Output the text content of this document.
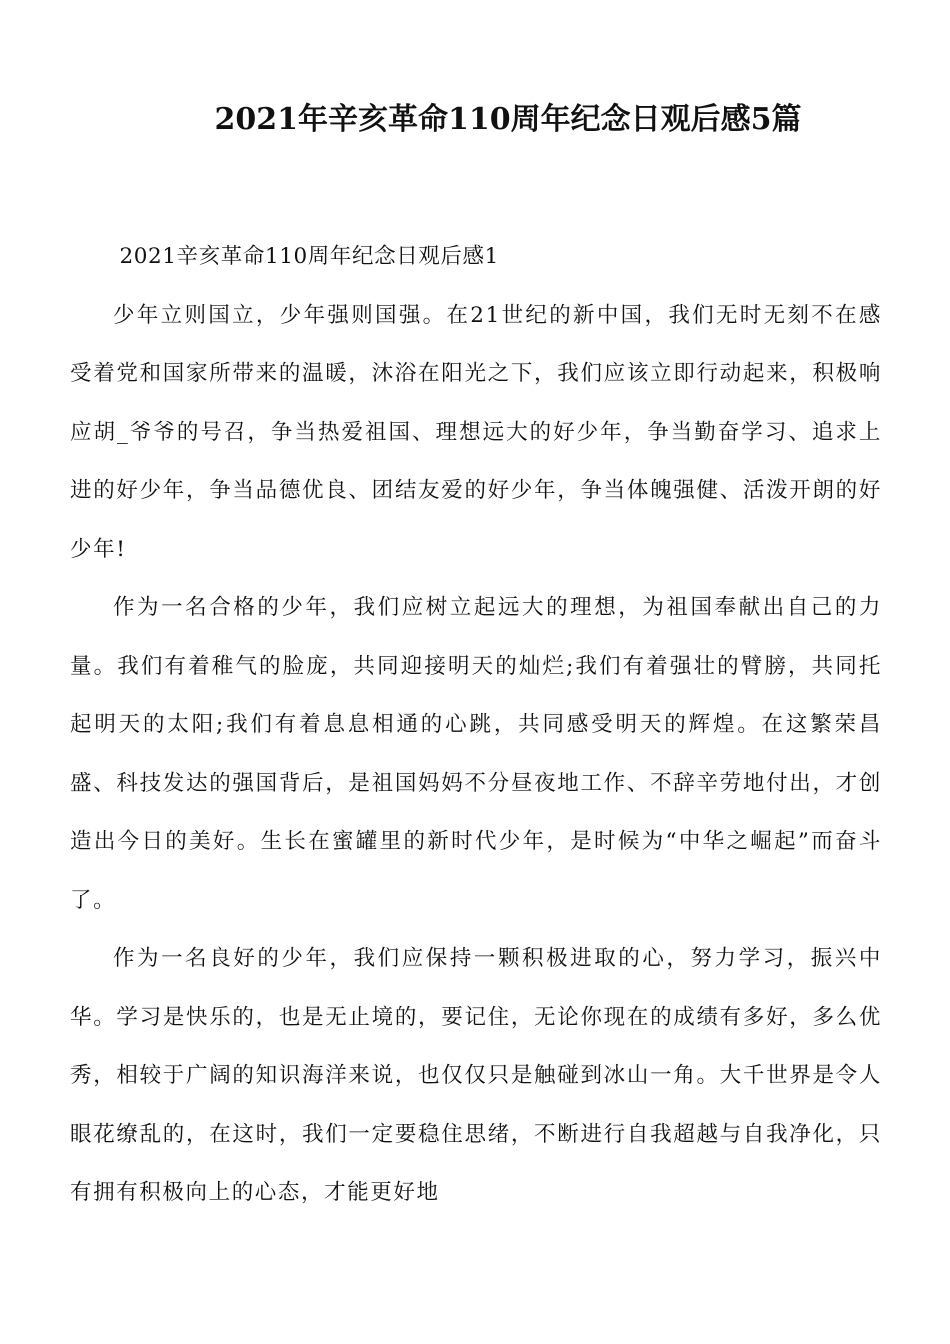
2021年辛亥革命110周年纪念日观后感5篇

2021辛亥革命110周年纪念日观后感1

少年立则国立，少年强则国强。在21世纪的新中国，我们无时无刻不在感受着党和国家所带来的温暖，沐浴在阳光之下，我们应该立即行动起来，积极响应胡_爷爷的号召，争当热爱祖国、理想远大的好少年，争当勤奋学习、追求上进的好少年，争当品德优良、团结友爱的好少年，争当体魄强健、活泼开朗的好少年!

作为一名合格的少年，我们应树立起远大的理想，为祖国奉献出自己的力量。我们有着稚气的脸庞，共同迎接明天的灿烂;我们有着强壮的臂膀，共同托起明天的太阳;我们有着息息相通的心跳，共同感受明天的辉煌。在这繁荣昌盛、科技发达的强国背后，是祖国妈妈不分昼夜地工作、不辞辛劳地付出，才创造出今日的美好。生长在蜜罐里的新时代少年，是时候为“中华之崛起”而奋斗了。

作为一名良好的少年，我们应保持一颗积极进取的心，努力学习，振兴中华。学习是快乐的，也是无止境的，要记住，无论你现在的成绩有多好，多么优秀，相较于广阔的知识海洋来说，也仅仅只是触碰到冰山一角。大千世界是令人眼花缭乱的，在这时，我们一定要稳住思绪，不断进行自我超越与自我净化，只有拥有积极向上的心态，才能更好地
